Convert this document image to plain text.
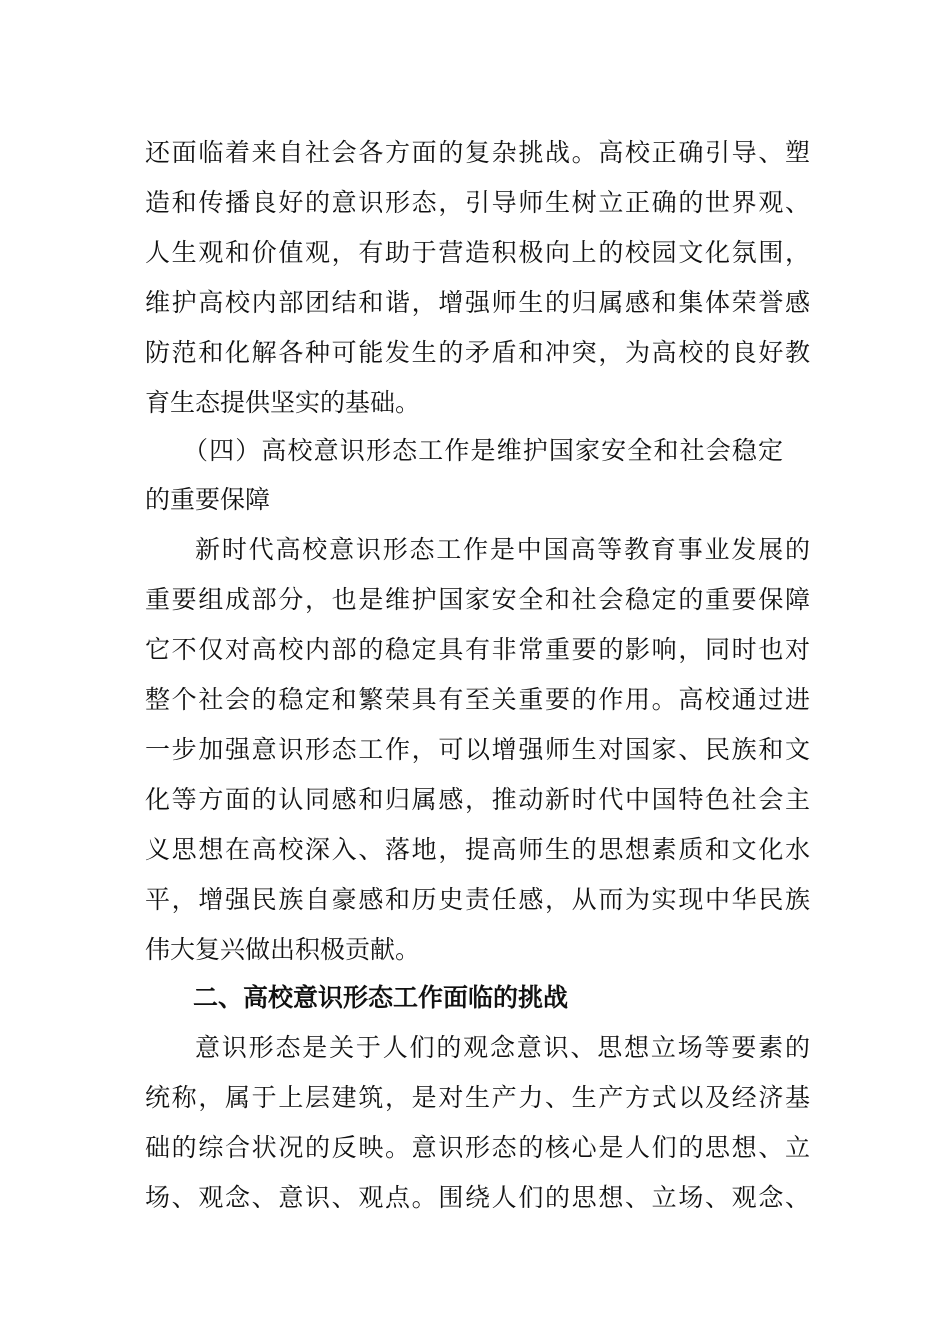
还面临着来自社会各方面的复杂挑战。高校正确引导、塑
造和传播良好的意识形态，引导师生树立正确的世界观、
人生观和价值观，有助于营造积极向上的校园文化氛围，
维护高校内部团结和谐，增强师生的归属感和集体荣誉感
防范和化解各种可能发生的矛盾和冲突，为高校的良好教
育生态提供坚实的基础。
（四）高校意识形态工作是维护国家安全和社会稳定
的重要保障
新时代高校意识形态工作是中国高等教育事业发展的
重要组成部分，也是维护国家安全和社会稳定的重要保障
它不仅对高校内部的稳定具有非常重要的影响，同时也对
整个社会的稳定和繁荣具有至关重要的作用。高校通过进
一步加强意识形态工作，可以增强师生对国家、民族和文
化等方面的认同感和归属感，推动新时代中国特色社会主
义思想在高校深入、落地，提高师生的思想素质和文化水
平，增强民族自豪感和历史责任感，从而为实现中华民族
伟大复兴做出积极贡献。
二、高校意识形态工作面临的挑战
意识形态是关于人们的观念意识、思想立场等要素的
统称，属于上层建筑，是对生产力、生产方式以及经济基
础的综合状况的反映。意识形态的核心是人们的思想、立
场、观念、意识、观点。围绕人们的思想、立场、观念、
